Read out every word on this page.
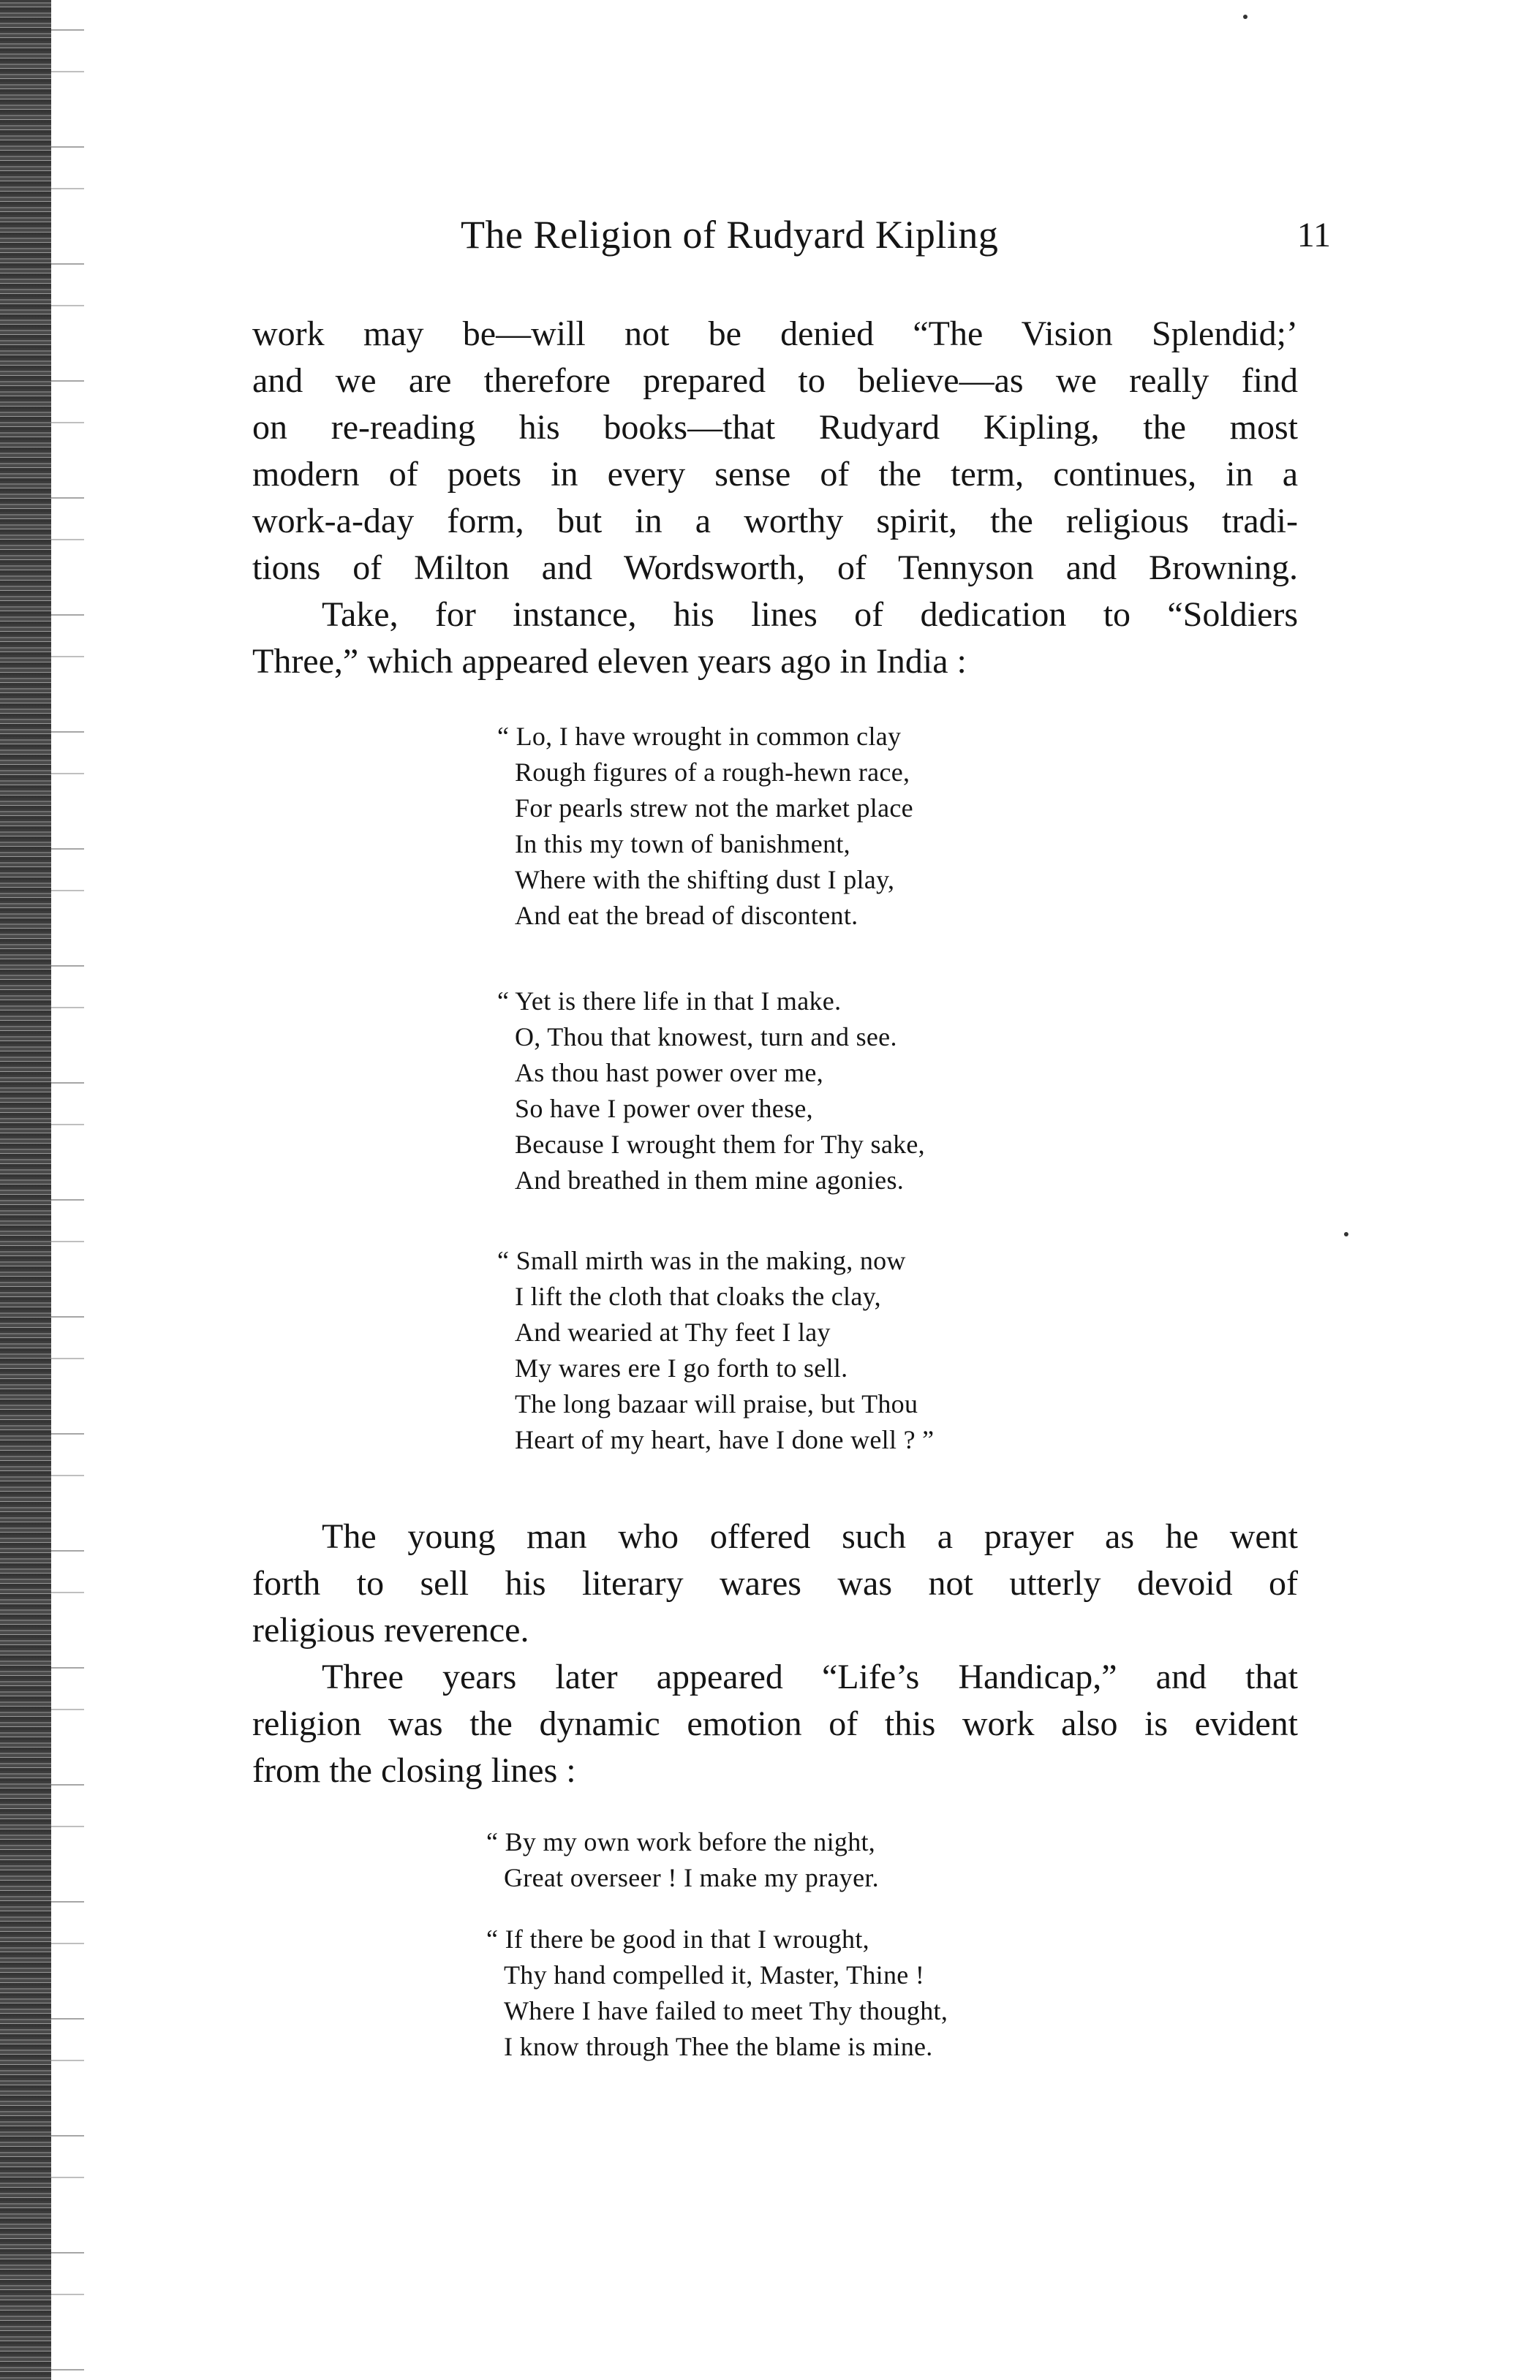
The Religion of Rudyard Kipling	11
work may be—will not be denied “The Vision Splendid;’
and we are therefore prepared to believe—as we really find
on re-reading his books—that Rudyard Kipling, the most
modern of poets in every sense of the term, continues, in a
work-a-day form, but in a worthy spirit, the religious tradi-
tions of Milton and Wordsworth, of Tennyson and Browning.
Take, for instance, his lines of dedication to “Soldiers
Three,” which appeared eleven years ago in India :
“ Lo, I have wrought in common clay
Rough figures of a rough-hewn race,
For pearls strew not the market place
In this my town of banishment,
Where with the shifting dust I play,
And eat the bread of discontent.
“ Yet is there life in that I make.
O, Thou that knowest, turn and see.
As thou hast power over me,
So have I power over these,
Because I wrought them for Thy sake,
And breathed in them mine agonies.
“ Small mirth was in the making, now
I lift the cloth that cloaks the clay,
And wearied at Thy feet I lay
My wares ere I go forth to sell.
The long bazaar will praise, but Thou
Heart of my heart, have I done well ? ”
The young man who offered such a prayer as he went
forth to sell his literary wares was not utterly devoid of
religious reverence.
Three years later appeared “Life’s Handicap,” and that
religion was the dynamic emotion of this work also is evident
from the closing lines :
“ By my own work before the night,
Great overseer ! I make my prayer.
“ If there be good in that I wrought,
Thy hand compelled it, Master, Thine !
Where I have failed to meet Thy thought,
I know through Thee the blame is mine.
